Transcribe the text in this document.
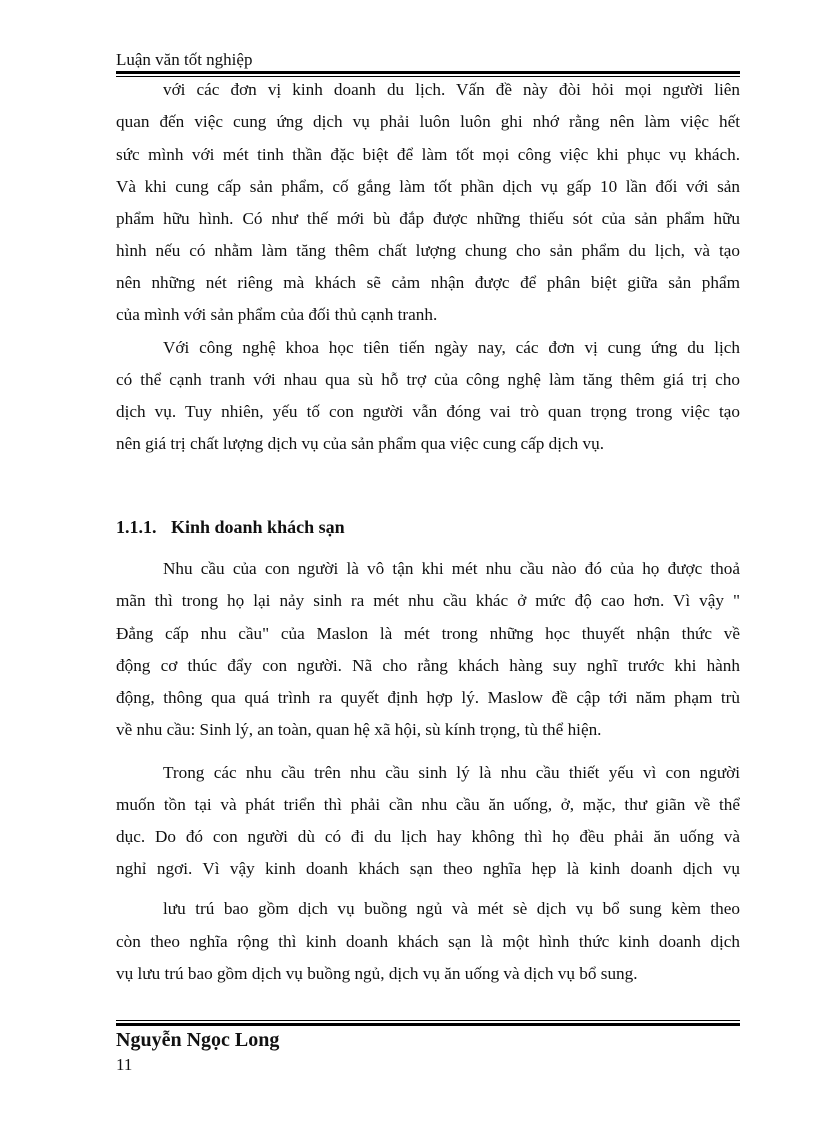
Luận văn tốt nghiệp
với các đơn vị kinh doanh du lịch. Vấn đề này đòi hỏi mọi người liên
quan đến việc cung ứng dịch vụ phải luôn luôn ghi nhớ rằng nên làm việc hết
sức mình với mét tinh thần đặc biệt để làm tốt mọi công việc khi phục vụ khách.
Và khi cung cấp sản phẩm, cố gắng làm tốt phần dịch vụ gấp 10 lần đối với sản
phẩm hữu hình. Có như thế mới bù đắp được những thiếu sót của sản phẩm hữu
hình nếu có nhằm làm tăng thêm chất lượng chung cho sản phẩm du lịch, và tạo
nên những nét riêng mà khách sẽ cảm nhận được để phân biệt giữa sản phẩm
của mình với sản phẩm của đối thủ cạnh tranh.
Với công nghệ khoa học tiên tiến ngày nay, các đơn vị cung ứng du lịch
có thể cạnh tranh với nhau qua sù hỗ trợ của công nghệ làm tăng thêm giá trị cho
dịch vụ. Tuy nhiên, yếu tố con người vẫn đóng vai trò quan trọng trong việc tạo
nên giá trị chất lượng dịch vụ của sản phẩm qua việc cung cấp dịch vụ.
1.1.1. Kinh doanh khách sạn
Nhu cầu của con người là vô tận khi mét nhu cầu nào đó của họ được thoả
mãn thì trong họ lại nảy sinh ra mét nhu cầu khác ở mức độ cao hơn. Vì vậy "
Đẳng cấp nhu cầu" của Maslon là mét trong những học thuyết nhận thức về
động cơ thúc đẩy con người. Nã cho rằng khách hàng suy nghĩ trước khi hành
động, thông qua quá trình ra quyết định hợp lý. Maslow đề cập tới năm phạm trù
về nhu cầu: Sinh lý, an toàn, quan hệ xã hội, sù kính trọng, tù thể hiện.
Trong các nhu cầu trên nhu cầu sinh lý là nhu cầu thiết yếu vì con người
muốn tồn tại và phát triển thì phải cần nhu cầu ăn uống, ở, mặc, thư giãn về thể
dục. Do đó con người dù có đi du lịch hay không thì họ đều phải ăn uống và
nghỉ ngơi. Vì vậy kinh doanh khách sạn theo nghĩa hẹp là kinh doanh dịch vụ
lưu trú bao gồm dịch vụ buồng ngủ và mét sè dịch vụ bổ sung kèm theo
còn theo nghĩa rộng thì kinh doanh khách sạn là một hình thức kinh doanh dịch
vụ lưu trú bao gồm dịch vụ buồng ngủ, dịch vụ ăn uống và dịch vụ bổ sung.
Nguyễn Ngọc Long
11
